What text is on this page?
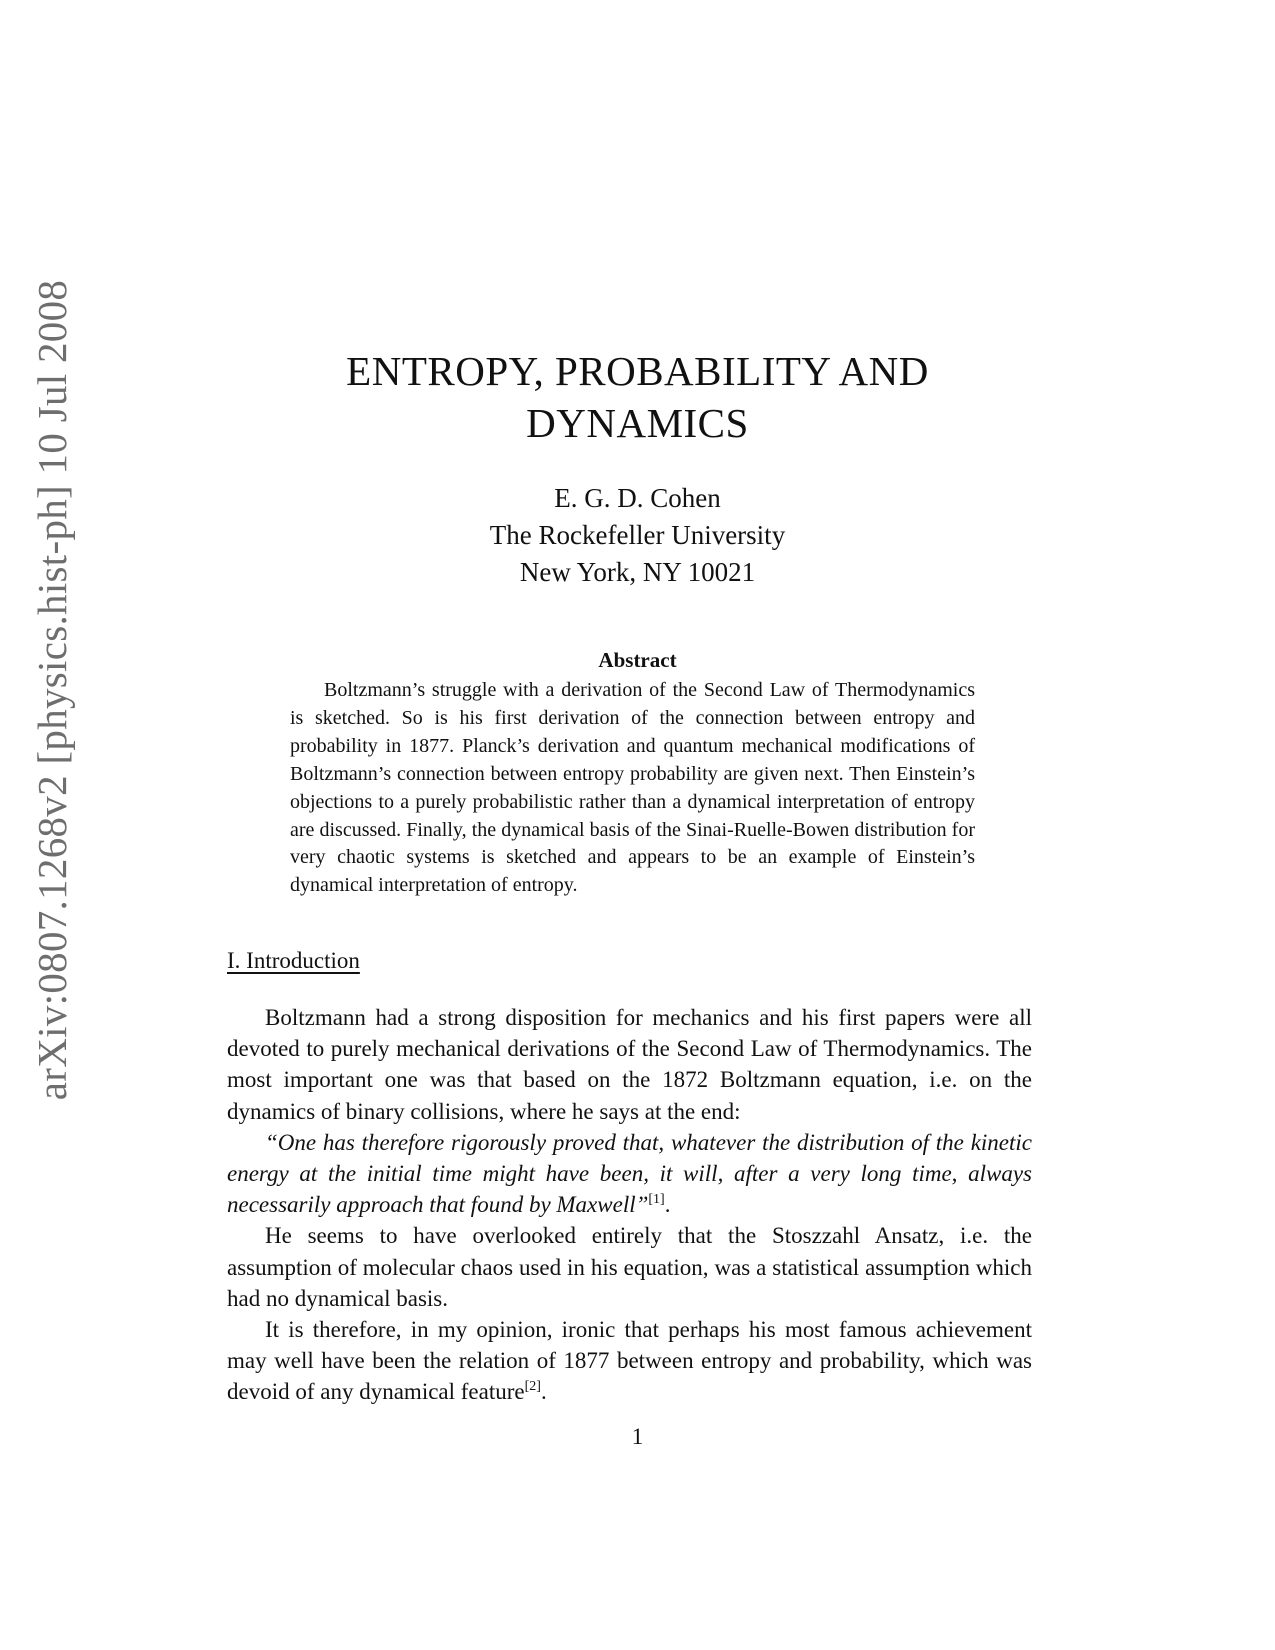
arXiv:0807.1268v2 [physics.hist-ph] 10 Jul 2008	ENTROPY, PROBABILITY AND
DYNAMICS
E. G. D. Cohen
The Rockefeller University
New York, NY 10021
Abstract

Boltzmann’s struggle with a derivation of the Second Law of Thermodynamics is sketched. So is his first derivation of the connection between entropy and probability in 1877. Planck’s derivation and quantum mechanical modifications of Boltzmann’s connection between entropy probability are given next. Then Einstein’s objections to a purely probabilistic rather than a dynamical interpretation of entropy are discussed. Finally, the dynamical basis of the Sinai-Ruelle-Bowen distribution for very chaotic systems is sketched and appears to be an example of Einstein’s dynamical interpretation of entropy.

I. Introduction

Boltzmann had a strong disposition for mechanics and his first papers were all devoted to purely mechanical derivations of the Second Law of Thermodynamics. The most important one was that based on the 1872 Boltzmann equation, i.e. on the dynamics of binary collisions, where he says at the end:

“One has therefore rigorously proved that, whatever the distribution of the kinetic energy at the initial time might have been, it will, after a very long time, always necessarily approach that found by Maxwell”[1].

He seems to have overlooked entirely that the Stoszzahl Ansatz, i.e. the assumption of molecular chaos used in his equation, was a statistical assumption which had no dynamical basis.

It is therefore, in my opinion, ironic that perhaps his most famous achievement may well have been the relation of 1877 between entropy and probability, which was devoid of any dynamical feature[2].

1
